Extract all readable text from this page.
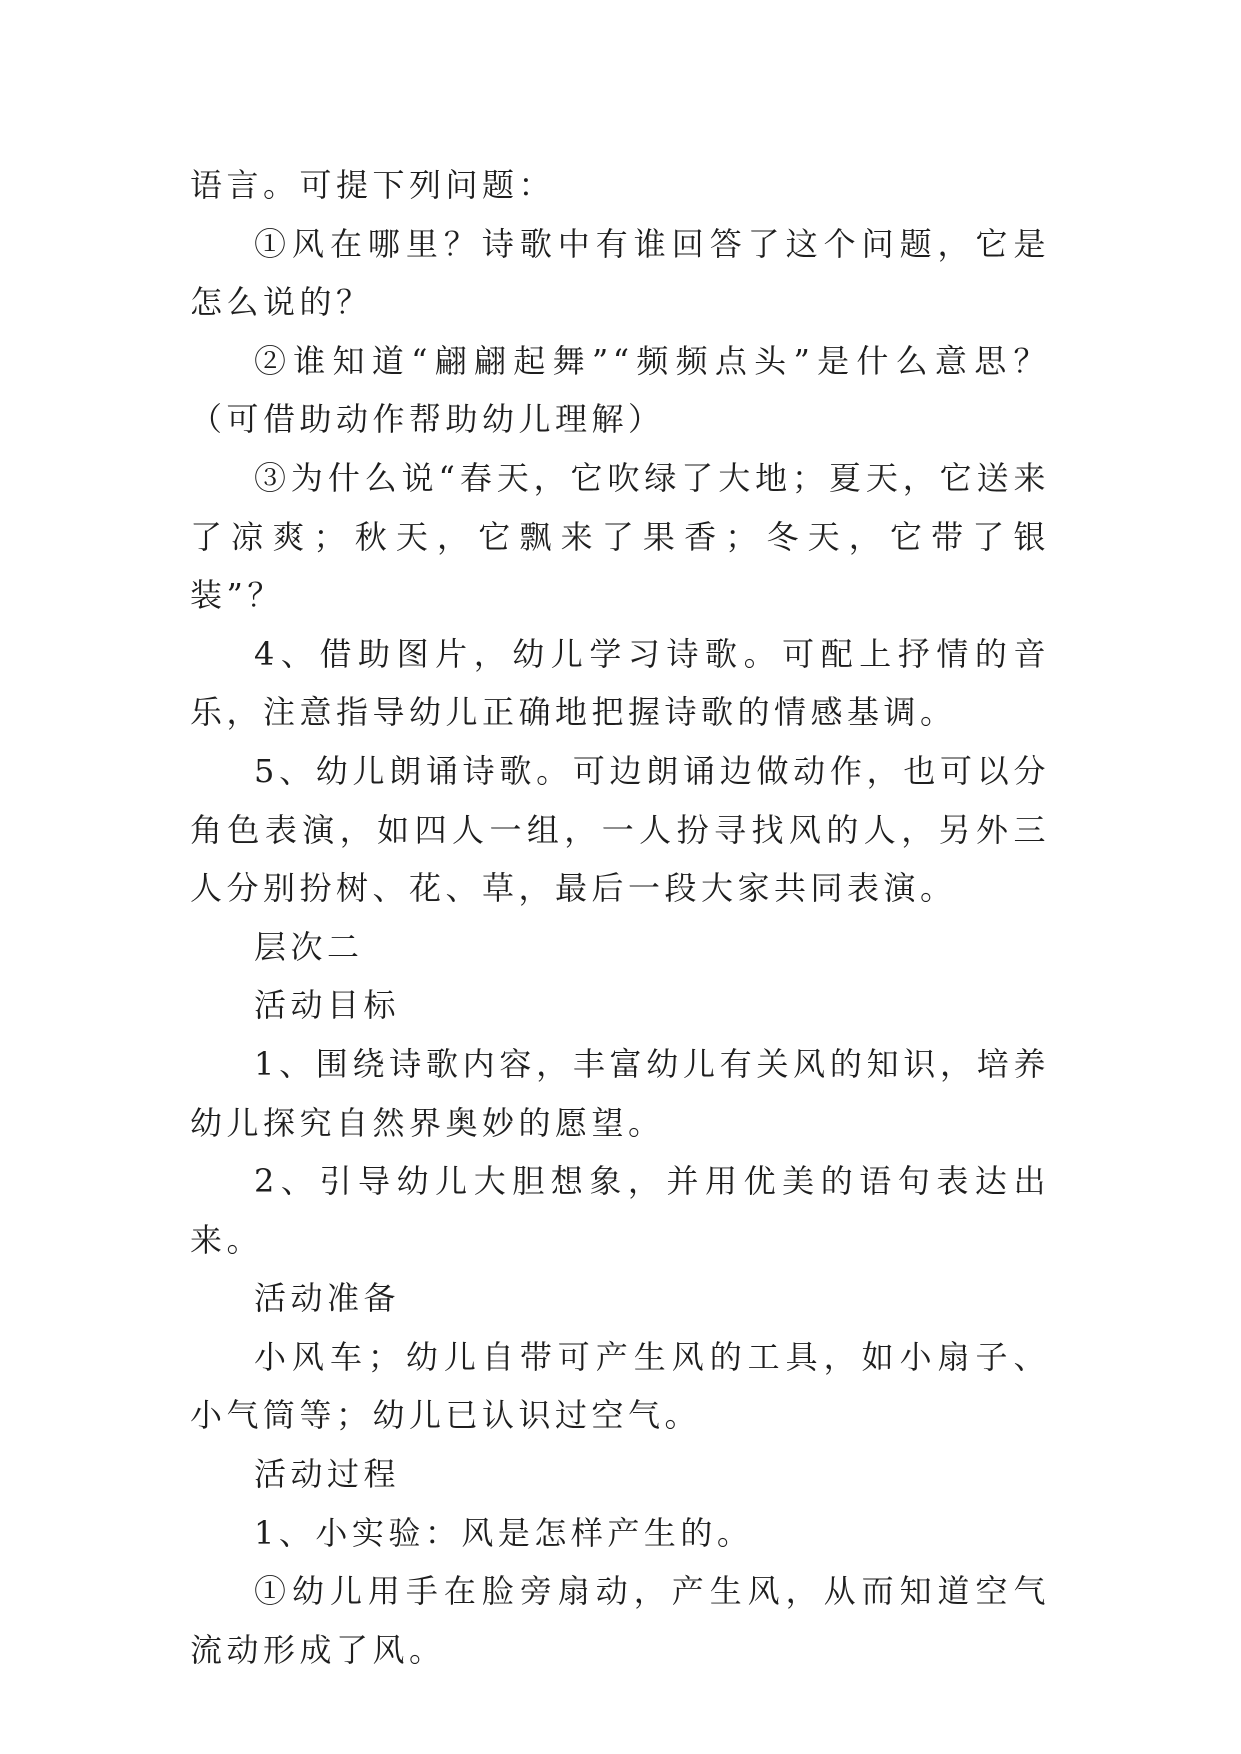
语言。可提下列问题：

①风在哪里？诗歌中有谁回答了这个问题，它是怎么说的？

②谁知道“翩翩起舞”“频频点头”是什么意思？（可借助动作帮助幼儿理解）

③为什么说“春天，它吹绿了大地；夏天，它送来了凉爽；秋天，它飘来了果香；冬天，它带了银装”？

4、借助图片，幼儿学习诗歌。可配上抒情的音乐，注意指导幼儿正确地把握诗歌的情感基调。

5、幼儿朗诵诗歌。可边朗诵边做动作，也可以分角色表演，如四人一组，一人扮寻找风的人，另外三人分别扮树、花、草，最后一段大家共同表演。

层次二

活动目标

1、围绕诗歌内容，丰富幼儿有关风的知识，培养幼儿探究自然界奥妙的愿望。

2、引导幼儿大胆想象，并用优美的语句表达出来。

活动准备

小风车；幼儿自带可产生风的工具，如小扇子、小气筒等；幼儿已认识过空气。

活动过程

1、小实验：风是怎样产生的。

①幼儿用手在脸旁扇动，产生风，从而知道空气流动形成了风。
